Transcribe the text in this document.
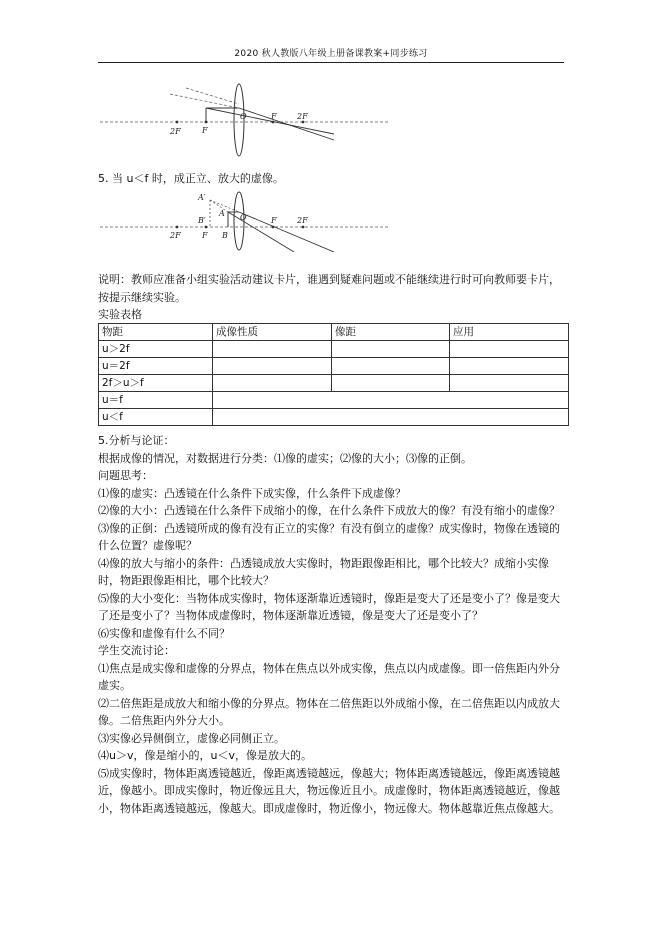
2020 秋人教版八年级上册备课教案+同步练习
2F	F
O	F	2F
5. 当 u＜f 时，成正立、放大的虚像。
A′
B′
A O	F	2F
2F	F B
说明：教师应准备小组实验活动建议卡片，谁遇到疑难问题或不能继续进行时可向教师要卡片，按提示继续实验。
实验表格
物距	成像性质	像距	应用
u＞2f			
u＝2f			
2f＞u＞f			
u＝f			
u＜f			
5.分析与论证：
根据成像的情况，对数据进行分类：⑴像的虚实；⑵像的大小；⑶像的正倒。
问题思考：
⑴像的虚实：凸透镜在什么条件下成实像，什么条件下成虚像？
⑵像的大小：凸透镜在什么条件下成缩小的像，在什么条件下成放大的像？有没有缩小的虚像？
⑶像的正倒：凸透镜所成的像有没有正立的实像？有没有倒立的虚像？成实像时，物像在透镜的什么位置？虚像呢？
⑷像的放大与缩小的条件：凸透镜成放大实像时，物距跟像距相比，哪个比较大？成缩小实像时，物距跟像距相比，哪个比较大？
⑸像的大小变化：当物体成实像时，物体逐渐靠近透镜时，像距是变大了还是变小了？像是变大了还是变小了？当物体成虚像时，物体逐渐靠近透镜，像是变大了还是变小了？
⑹实像和虚像有什么不同？
学生交流讨论：
⑴焦点是成实像和虚像的分界点，物体在焦点以外成实像，焦点以内成虚像。即一倍焦距内外分虚实。
⑵二倍焦距是成放大和缩小像的分界点。物体在二倍焦距以外成缩小像，在二倍焦距以内成放大像。二倍焦距内外分大小。
⑶实像必异侧倒立，虚像必同侧正立。
⑷u＞v，像是缩小的，u＜v，像是放大的。
⑸成实像时，物体距离透镜越近，像距离透镜越远，像越大；物体距离透镜越远，像距离透镜越近，像越小。即成实像时，物近像远且大，物远像近且小。成虚像时，物体距离透镜越近，像越小，物体距离透镜越远，像越大。即成虚像时，物近像小，物远像大。物体越靠近焦点像越大。
